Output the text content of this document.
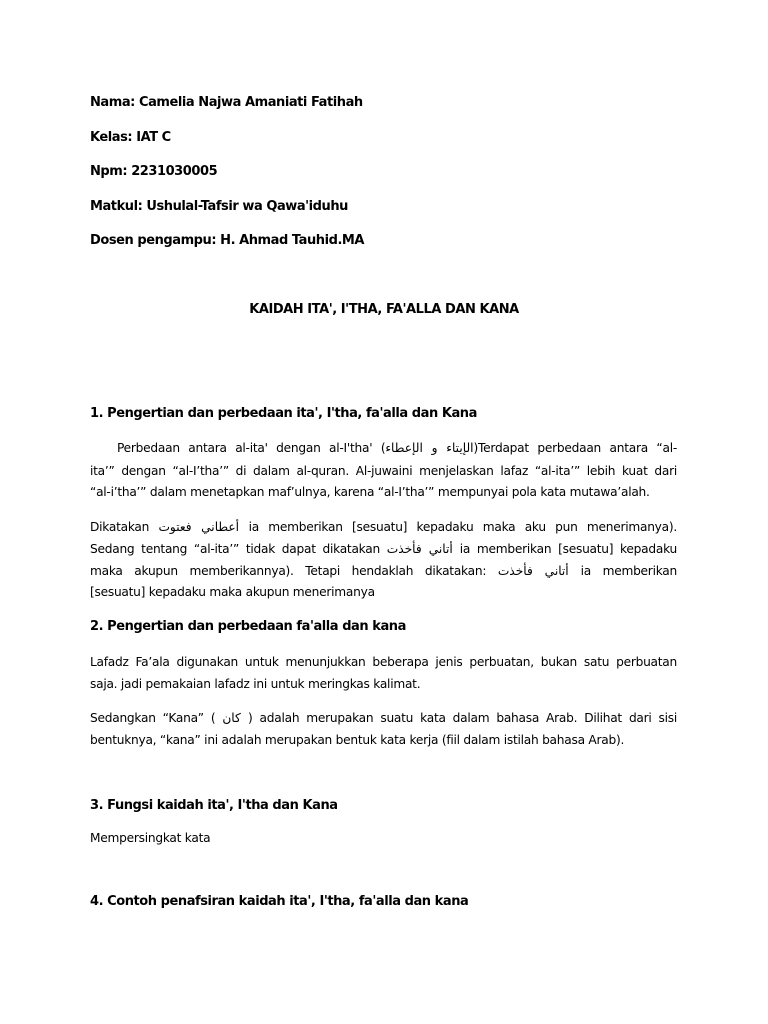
Nama: Camelia Najwa Amaniati Fatihah
Kelas: IAT C
Npm: 2231030005
Matkul: Ushulal-Tafsir wa Qawa'iduhu
Dosen pengampu: H. Ahmad Tauhid.MA
KAIDAH ITA', I'THA, FA'ALLA DAN KANA
1. Pengertian dan perbedaan ita', I'tha, fa'alla dan Kana
Perbedaan antara al-ita' dengan al-I'tha' (الإيتاء و الإعطاء)Terdapat perbedaan antara “al-
ita’” dengan “al-I’tha’” di dalam al-quran. Al-juwaini menjelaskan lafaz “al-ita’” lebih kuat dari
“al-i’tha’” dalam menetapkan maf’ulnya, karena “al-I’tha’” mempunyai pola kata mutawa’alah.
Dikatakan أعطاني فعتوت ia memberikan [sesuatu] kepadaku maka aku pun menerimanya).
Sedang tentang “al-ita’” tidak dapat dikatakan أتاني فأخذت ia memberikan [sesuatu] kepadaku
maka akupun memberikannya). Tetapi hendaklah dikatakan: أتاني فأخذت ia memberikan
[sesuatu] kepadaku maka akupun menerimanya
2. Pengertian dan perbedaan fa'alla dan kana
Lafadz Fa’ala digunakan untuk menunjukkan beberapa jenis perbuatan, bukan satu perbuatan
saja. jadi pemakaian lafadz ini untuk meringkas kalimat.
Sedangkan “Kana” ( كان ) adalah merupakan suatu kata dalam bahasa Arab. Dilihat dari sisi
bentuknya, “kana” ini adalah merupakan bentuk kata kerja (fiil dalam istilah bahasa Arab).
3. Fungsi kaidah ita', I'tha dan Kana
Mempersingkat kata
4. Contoh penafsiran kaidah ita', I'tha, fa'alla dan kana
